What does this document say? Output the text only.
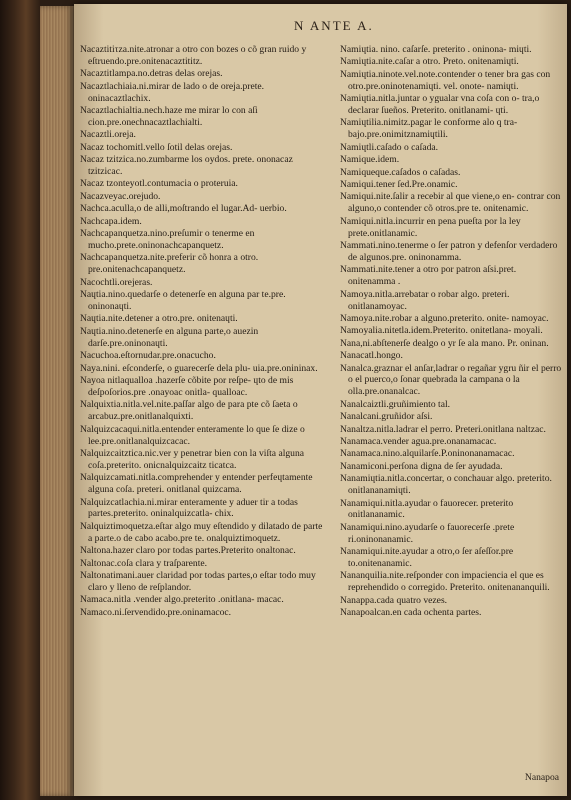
N ANTE A.
Nacaztitiτza.nite.atronar a otro con bozes o cõ gran ruido y eſtruendo.pre.onitenacaztititz.
Nacaztitlampa.no.detras delas orejas.
Nacaztlachiaia.ni.mirar de lado o de oreja.prete. oninacaztlachix.
Nacaztlachialtia.nech.haze me mirar lo con aſi cion.pre.onechnacaztlachialti.
Nacaztli.oreja.
Nacaz tochomitl.vello ſotil delas orejas.
Nacaz tzitzica.no.zumbarme los oydos. prete. ononacaz tzitzicac.
Nacaz tzonteyotl.contumacia o proteruia.
Nacazveyac.orejudo.
Nachca.aculla,o de alli,moſtrando el lugar.Ad- uerbio.
Nachcapa.idem.
Nachcapanquetza.nino.preſumir o tenerme en mucho.prete.oninonachcapanquetz.
Nachcapanquetza.nite.preferir cõ honra a otro. pre.onitenachcapanquetz.
Nacochtli.orejeras.
Naɥtia.nino.quedarſe o detenerſe en alguna par te.pre. oninonaɥti.
Naɥtia.nite.detener a otro.pre. onitenaɥti.
Naɥtia.nino.detenerſe en alguna parte,o auezin darſe.pre.oninonaɥti.
Nacuchoa.eſtornudar.pre.onacucho.
Naya.nini. eſconderſe, o guarecerſe dela plu- uia.pre.onininax.
Nayoa nitlaqualloa .hazerſe cõbite por reſpe- ɥto de mis deſpoſorios.pre .onayoac onitla- qualloac.
Nalquixtia.nitla.vel.nite.paſſar algo de para pte cõ ſaeta o arcabuz.pre.onitlanalquixti.
Nalquizcacaqui.nitla.entender enteramente lo que ſe dize o lee.pre.onitlanalquizcacac.
Nalquizcaitztica.nic.ver y penetrar bien con la viſta alguna coſa.preterito. onicnalquizcaitz ticatca.
Nalquizcamati.nitla.comprehender y entender perfeɥtamente alguna coſa. preteri. onitlanal quizcama.
Nalquizcatlachia.ni.mirar enteramente y aduer tir a todas partes.preterito. oninalquizcatla- chix.
Nalquiztimoquetza.eſtar algo muy eſtendido y dilatado de parte a parte.o de cabo acabo.pre te. onalquiztimoquetz.
Naltona.hazer claro por todas partes.Preterito onaltonac.
Naltonac.coſa clara y traſparente.
Naltonatimani.auer claridad por todas partes,o eſtar todo muy claro y lleno de reſplandor.
Namaca.nitla .vender algo.preterito .onitlana- macac.
Namaco.ni.ſervendido.pre.oninamacoc.
Namiɥtia. nino. caſarſe. preterito . oninona- miɥti.
Namiɥtia.nite.caſar a otro. Preto. onitenamiɥti.
Namiɥtia.ninote.vel.note.contender o tener bra gas con otro.pre.oninotenamiɥti. vel. onote- namiɥti.
Namiɥtia.nitla.juntar o ygualar vna coſa con o- tra,o declarar ſueños. Preterito. onitlanami- ɥti.
Namiɥtilia.nimitz.pagar le conforme alo q tra- bajo.pre.onimitznamiɥtili.
Namiɥtli.caſado o caſada.
Namique.idem.
Namiqueque.caſados o caſadas.
Namiqui.tener ſed.Pre.onamic.
Namiqui.nite.ſalir a recebir al que viene,o en- contrar con alguno,o contender cõ otros.pre te. onitenamic.
Namiqui.nitla.incurrir en pena pueſta por la ley prete.onitlanamic.
Nammati.nino.tenerme o ſer patron y defenſor verdadero de algunos.pre. oninonamma.
Nammati.nite.tener a otro por patron aſsi.pret. onitenamma .
Namoya.nitla.arrebatar o robar algo. preteri. onitlanamoyac.
Namoya.nite.robar a alguno.preterito. onite- namoyac.
Namoyalia.nitetla.idem.Preterito. onitetlana- moyali.
Nana,ni.abſtenerſe dealgo o yr ſe ala mano. Pr. oninan.
Nanacatl.hongo.
Nanalca.graznar el anſar,ladrar o regañar ygru ñir el perro o el puerco,o ſonar quebrada la campana o la olla.pre.onanalcac.
Nanalcaiztli.gruñimiento tal.
Nanalcani.gruñidor aſsi.
Nanaltza.nitla.ladrar el perro. Preteri.onitlana naltzac.
Nanamaca.vender agua.pre.onanamacac.
Nanamaca.nino.alquilarſe.P.oninonanamacac.
Nanamiconi.perſona digna de ſer ayudada.
Nanamiɥtia.nitla.concertar, o conchauar algo. preterito. onitlananamiɥti.
Nanamiqui.nitla.ayudar o fauorecer. preterito onitlananamic.
Nanamiqui.nino.ayudarſe o fauorecerſe .prete ri.oninonanamic.
Nanamiqui.nite.ayudar a otro,o ſer aſeſſor.pre to.onitenanamic.
Nananquilia.nite.reſponder con impaciencia el que es reprehendido o corregido. Preterito. onitenananquili.
Nanappa.cada quatro vezes.
Nanapoalcan.en cada ochenta partes.
Nanapoa
